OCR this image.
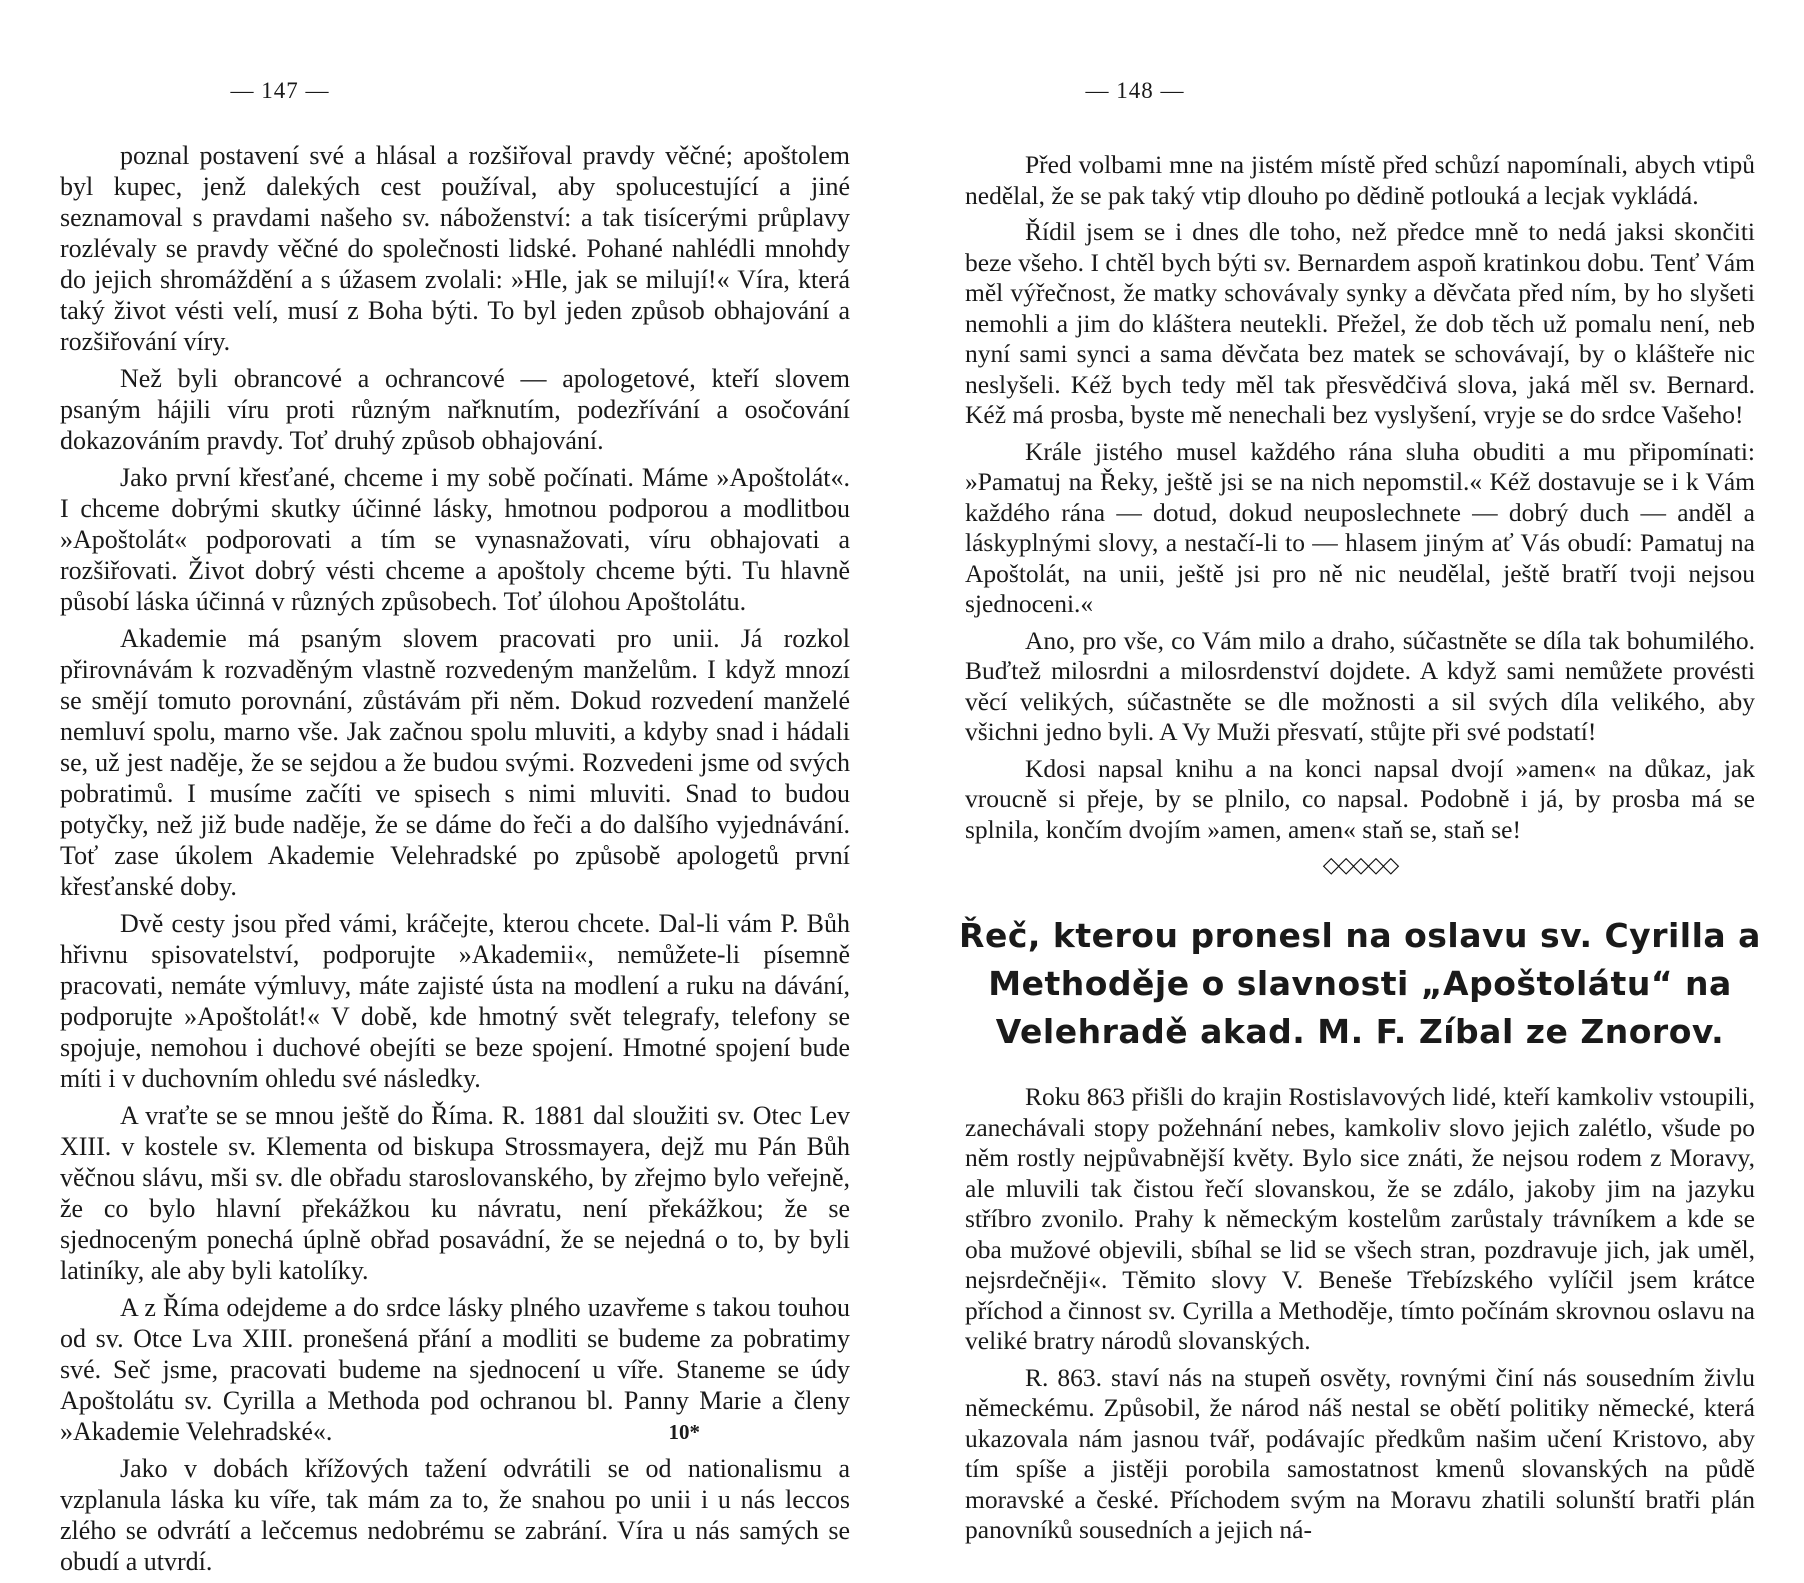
— 147 —

poznal postavení své a hlásal a rozšiřoval pravdy věčné; apoštolem byl kupec, jenž dalekých cest používal, aby spolucestující a jiné seznamoval s pravdami našeho sv. náboženství: a tak tisícerými průplavy rozlévaly se pravdy věčné do společnosti lidské. Pohané nahlédli mnohdy do jejich shromáždění a s úžasem zvolali: »Hle, jak se milují!« Víra, která taký život vésti velí, musí z Boha býti. To byl jeden způsob obhajování a rozšiřování víry.

Než byli obrancové a ochrancové — apologetové, kteří slovem psaným hájili víru proti různým nařknutím, podezřívání a osočování dokazováním pravdy. Toť druhý způsob obhajování.

Jako první křesťané, chceme i my sobě počínati. Máme »Apoštolát«. I chceme dobrými skutky účinné lásky, hmotnou podporou a modlitbou »Apoštolát« podporovati a tím se vynasnažovati, víru obhajovati a rozšiřovati. Život dobrý vésti chceme a apoštoly chceme býti. Tu hlavně působí láska účinná v různých způsobech. Toť úlohou Apoštolátu.

Akademie má psaným slovem pracovati pro unii. Já rozkol přirovnávám k rozvaděným vlastně rozvedeným manželům. I když mnozí se smějí tomuto porovnání, zůstávám při něm. Dokud rozvedení manželé nemluví spolu, marno vše. Jak začnou spolu mluviti, a kdyby snad i hádali se, už jest naděje, že se sejdou a že budou svými. Rozvedeni jsme od svých pobratimů. I musíme začíti ve spisech s nimi mluviti. Snad to budou potyčky, než již bude naděje, že se dáme do řeči a do dalšího vyjednávání. Toť zase úkolem Akademie Velehradské po způsobě apologetů první křesťanské doby.

Dvě cesty jsou před vámi, kráčejte, kterou chcete. Dal-li vám P. Bůh hřivnu spisovatelství, podporujte »Akademii«, nemůžete-li písemně pracovati, nemáte výmluvy, máte zajisté ústa na modlení a ruku na dávání, podporujte »Apoštolát!« V době, kde hmotný svět telegrafy, telefony se spojuje, nemohou i duchové obejíti se beze spojení. Hmotné spojení bude míti i v duchovním ohledu své následky.

A vraťte se se mnou ještě do Říma. R. 1881 dal sloužiti sv. Otec Lev XIII. v kostele sv. Klementa od biskupa Strossmayera, dejž mu Pán Bůh věčnou slávu, mši sv. dle obřadu staroslovanského, by zřejmo bylo veřejně, že co bylo hlavní překážkou ku návratu, není překážkou; že se sjednoceným ponechá úplně obřad posavádní, že se nejedná o to, by byli latiníky, ale aby byli katolíky.

A z Říma odejdeme a do srdce lásky plného uzavřeme s takou touhou od sv. Otce Lva XIII. pronešená přání a modliti se budeme za pobratimy své. Seč jsme, pracovati budeme na sjednocení u víře. Staneme se údy Apoštolátu sv. Cyrilla a Methoda pod ochranou bl. Panny Marie a členy »Akademie Velehradské«.

Jako v dobách křížových tažení odvrátili se od nationalismu a vzplanula láska ku víře, tak mám za to, že snahou po unii i u nás leccos zlého se odvrátí a lečcemus nedobrému se zabrání. Víra u nás samých se obudí a utvrdí.

10*
— 148 —

Před volbami mne na jistém místě před schůzí napomínali, abych vtipů nedělal, že se pak taký vtip dlouho po dědině potlouká a lecjak vykládá.

Řídil jsem se i dnes dle toho, než předce mně to nedá jaksi skončiti beze všeho. I chtěl bych býti sv. Bernardem aspoň kratinkou dobu. Tenť Vám měl výřečnost, že matky schovávaly synky a děvčata před ním, by ho slyšeti nemohli a jim do kláštera neutekli. Přežel, že dob těch už pomalu není, neb nyní sami synci a sama děvčata bez matek se schovávají, by o klášteře nic neslyšeli. Kéž bych tedy měl tak přesvědčivá slova, jaká měl sv. Bernard. Kéž má prosba, byste mě nenechali bez vyslyšení, vryje se do srdce Vašeho!

Krále jistého musel každého rána sluha obuditi a mu připomínati: »Pamatuj na Řeky, ještě jsi se na nich nepomstil.« Kéž dostavuje se i k Vám každého rána — dotud, dokud neuposlechnete — dobrý duch — anděl a láskyplnými slovy, a nestačí-li to — hlasem jiným ať Vás obudí: Pamatuj na Apoštolát, na unii, ještě jsi pro ně nic neudělal, ještě bratří tvoji nejsou sjednoceni.«

Ano, pro vše, co Vám milo a draho, súčastněte se díla tak bohumilého. Buďtež milosrdni a milosrdenství dojdete. A když sami nemůžete provésti věcí velikých, súčastněte se dle možnosti a sil svých díla velikého, aby všichni jedno byli. A Vy Muži přesvatí, stůjte při své podstatí!

Kdosi napsal knihu a na konci napsal dvojí »amen« na důkaz, jak vroucně si přeje, by se plnilo, co napsal. Podobně i já, by prosba má se splnila, končím dvojím »amen, amen« staň se, staň se!

◇◇◇◇◇
Řeč, kterou pronesl na oslavu sv. Cyrilla a Methoděje o slavnosti „Apoštolátu“ na Velehradě akad. M. F. Zíbal ze Znorov.

Roku 863 přišli do krajin Rostislavových lidé, kteří kamkoliv vstoupili, zanechávali stopy požehnání nebes, kamkoliv slovo jejich zalétlo, všude po něm rostly nejpůvabnější květy. Bylo sice znáti, že nejsou rodem z Moravy, ale mluvili tak čistou řečí slovanskou, že se zdálo, jakoby jim na jazyku stříbro zvonilo. Prahy k německým kostelům zarůstaly trávníkem a kde se oba mužové objevili, sbíhal se lid se všech stran, pozdravuje jich, jak uměl, nejsrdečněji«. Těmito slovy V. Beneše Třebízského vylíčil jsem krátce příchod a činnost sv. Cyrilla a Methoděje, tímto počínám skrovnou oslavu na veliké bratry národů slovanských.

R. 863. staví nás na stupeň osvěty, rovnými činí nás sousedním živlu německému. Způsobil, že národ náš nestal se obětí politiky německé, která ukazovala nám jasnou tvář, podávajíc předkům našim učení Kristovo, aby tím spíše a jistěji porobila samostatnost kmenů slovanských na půdě moravské a české. Příchodem svým na Moravu zhatili solunští bratři plán panovníků sousedních a jejich ná-
